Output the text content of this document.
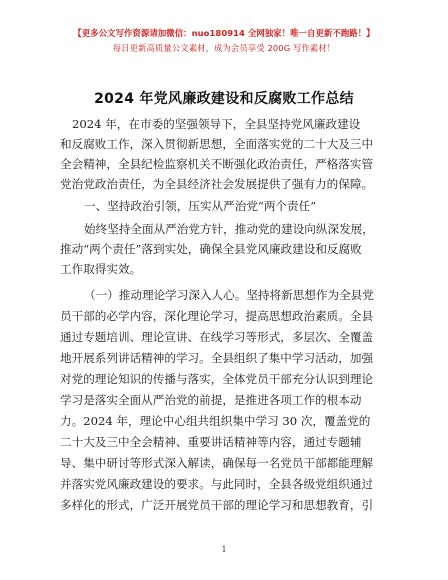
【更多公文写作资源请加微信：nuo180914 全网独家！唯一自更新不跑路！】
每日更新高质量公文素材，成为会员享受 200G 写作素材！
2024 年党风廉政建设和反腐败工作总结
2024 年，在市委的坚强领导下，全县坚持党风廉政建设
和反腐败工作，深入贯彻新思想，全面落实党的二十大及三中
全会精神，全县纪检监察机关不断强化政治责任，严格落实管
党治党政治责任，为全县经济社会发展提供了强有力的保障。
一、坚持政治引领，压实从严治党“两个责任”
始终坚持全面从严治党方针，推动党的建设向纵深发展，
推动“两个责任”落到实处，确保全县党风廉政建设和反腐败
工作取得实效。
（一）推动理论学习深入人心。坚持将新思想作为全县党
员干部的必学内容，深化理论学习，提高思想政治素质。全县
通过专题培训、理论宣讲、在线学习等形式，多层次、全覆盖
地开展系列讲话精神的学习。全县组织了集中学习活动，加强
对党的理论知识的传播与落实，全体党员干部充分认识到理论
学习是落实全面从严治党的前提，是推进各项工作的根本动
力。2024 年，理论中心组共组织集中学习 30 次，覆盖党的
二十大及三中全会精神、重要讲话精神等内容，通过专题辅
导、集中研讨等形式深入解读，确保每一名党员干部都能理解
并落实党风廉政建设的要求。与此同时，全县各级党组织通过
多样化的形式，广泛开展党员干部的理论学习和思想教育，引
1
